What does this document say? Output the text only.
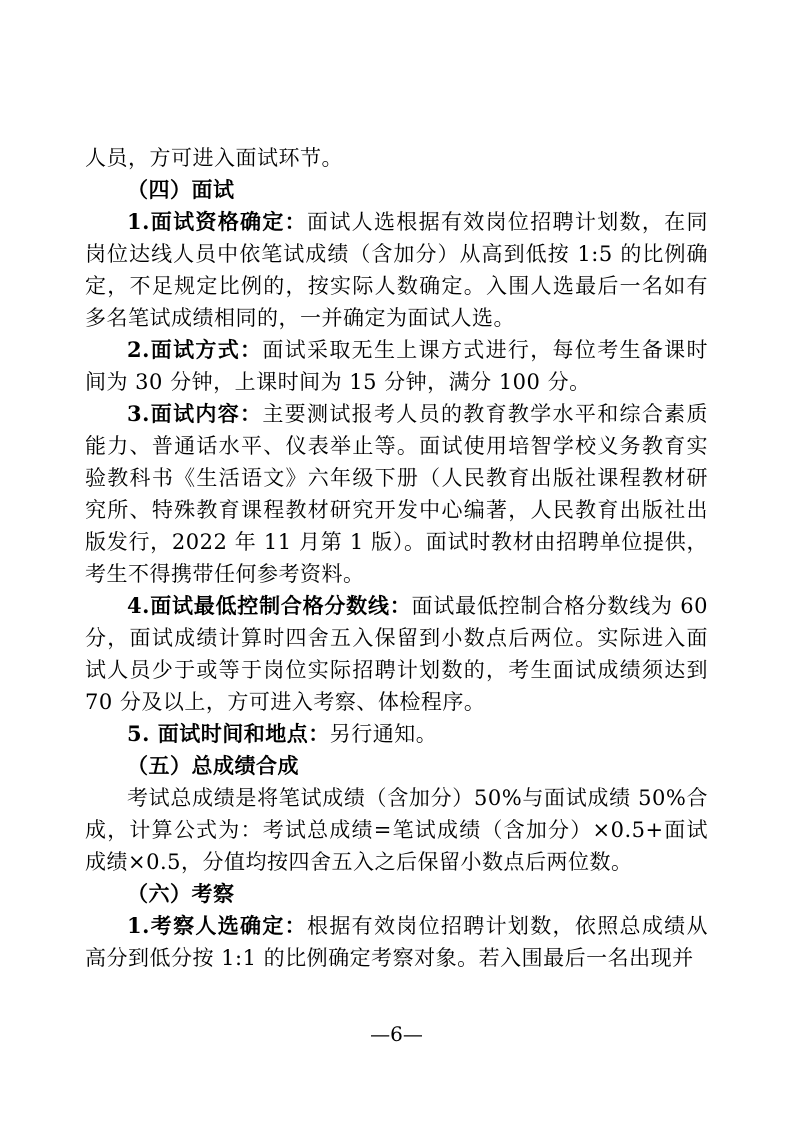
人员，方可进入面试环节。

（四）面试

1.面试资格确定：面试人选根据有效岗位招聘计划数，在同岗位达线人员中依笔试成绩（含加分）从高到低按 1:5 的比例确定，不足规定比例的，按实际人数确定。入围人选最后一名如有多名笔试成绩相同的，一并确定为面试人选。

2.面试方式：面试采取无生上课方式进行，每位考生备课时间为 30 分钟，上课时间为 15 分钟，满分 100 分。

3.面试内容：主要测试报考人员的教育教学水平和综合素质能力、普通话水平、仪表举止等。面试使用培智学校义务教育实验教科书《生活语文》六年级下册（人民教育出版社课程教材研究所、特殊教育课程教材研究开发中心编著，人民教育出版社出版发行，2022 年 11 月第 1 版）。面试时教材由招聘单位提供，考生不得携带任何参考资料。

4.面试最低控制合格分数线：面试最低控制合格分数线为 60 分，面试成绩计算时四舍五入保留到小数点后两位。实际进入面试人员少于或等于岗位实际招聘计划数的，考生面试成绩须达到 70 分及以上，方可进入考察、体检程序。

5. 面试时间和地点：另行通知。

（五）总成绩合成

考试总成绩是将笔试成绩（含加分）50%与面试成绩 50%合成，计算公式为：考试总成绩=笔试成绩（含加分）×0.5+面试成绩×0.5，分值均按四舍五入之后保留小数点后两位数。

（六）考察

1.考察人选确定：根据有效岗位招聘计划数，依照总成绩从高分到低分按 1:1 的比例确定考察对象。若入围最后一名出现并

—6—
